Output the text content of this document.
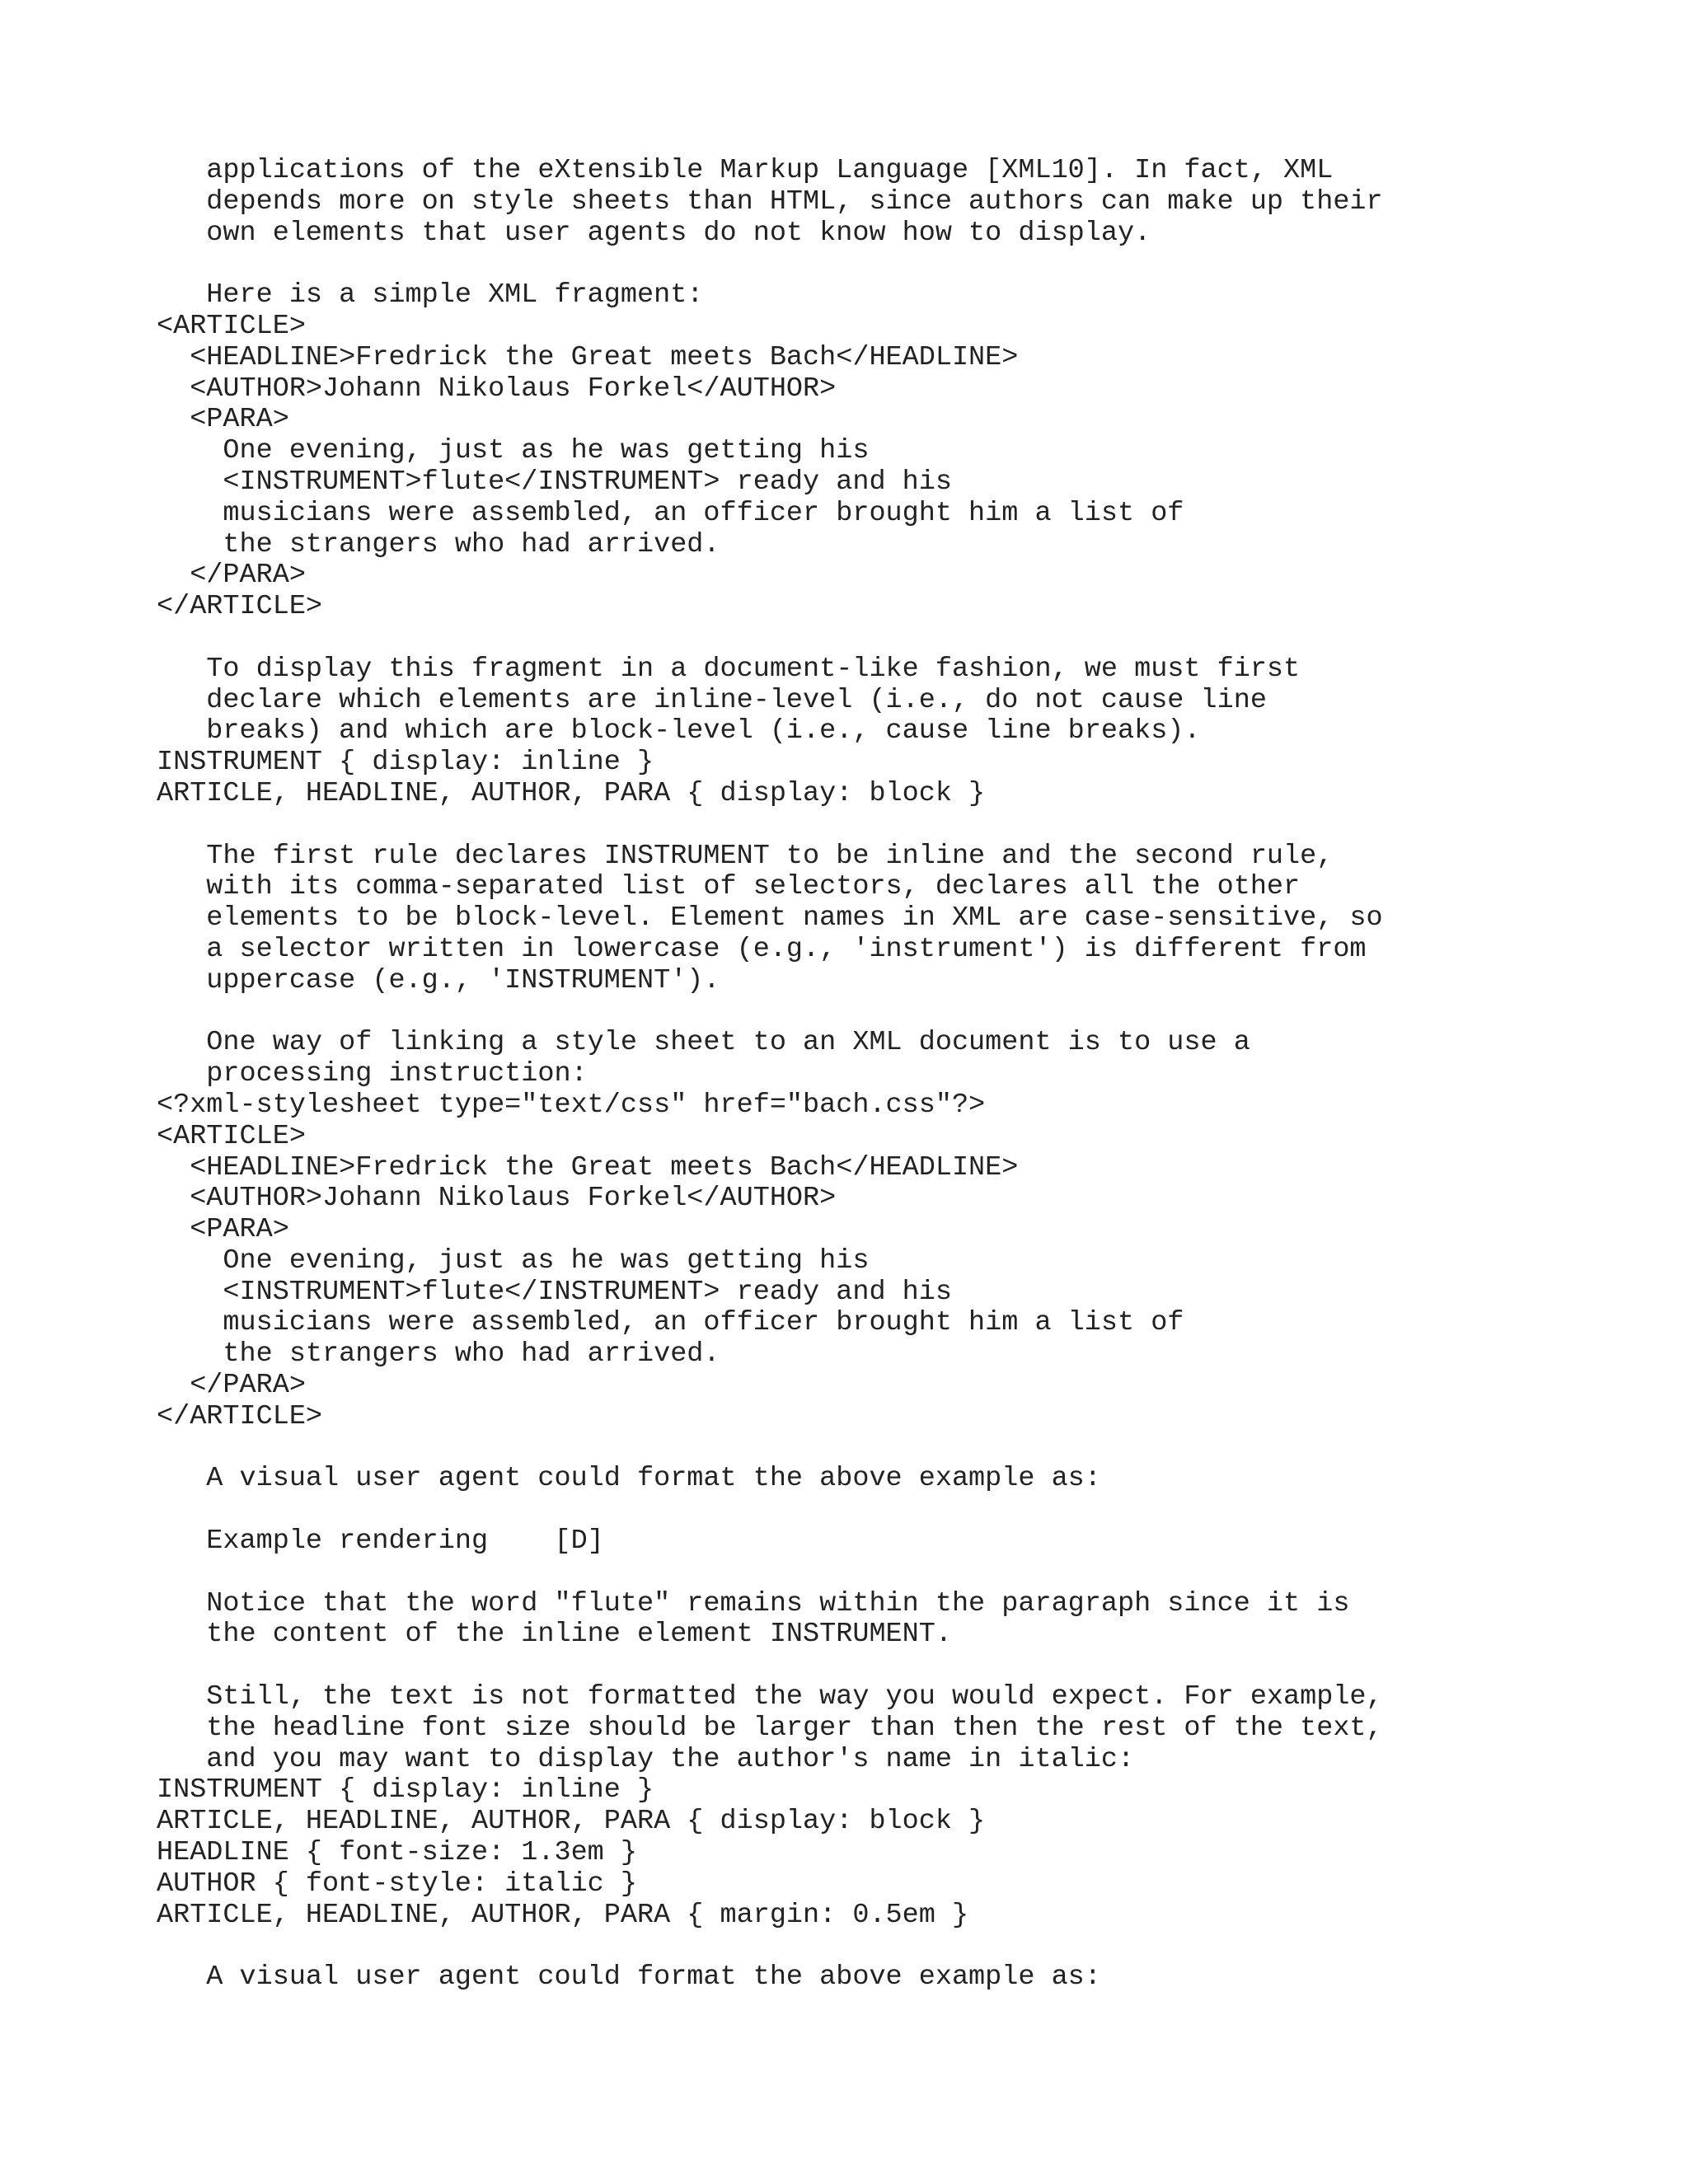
applications of the eXtensible Markup Language [XML10]. In fact, XML
depends more on style sheets than HTML, since authors can make up their
own elements that user agents do not know how to display.
Here is a simple XML fragment:
<ARTICLE>
<HEADLINE>Fredrick the Great meets Bach</HEADLINE>
<AUTHOR>Johann Nikolaus Forkel</AUTHOR>
<PARA>
One evening, just as he was getting his
<INSTRUMENT>flute</INSTRUMENT> ready and his
musicians were assembled, an officer brought him a list of
the strangers who had arrived.
</PARA>
</ARTICLE>
To display this fragment in a document-like fashion, we must first
declare which elements are inline-level (i.e., do not cause line
breaks) and which are block-level (i.e., cause line breaks).
INSTRUMENT { display: inline }
ARTICLE, HEADLINE, AUTHOR, PARA { display: block }
The first rule declares INSTRUMENT to be inline and the second rule,
with its comma-separated list of selectors, declares all the other
elements to be block-level. Element names in XML are case-sensitive, so
a selector written in lowercase (e.g., 'instrument') is different from
uppercase (e.g., 'INSTRUMENT').
One way of linking a style sheet to an XML document is to use a
processing instruction:
<?xml-stylesheet type="text/css" href="bach.css"?>
<ARTICLE>
<HEADLINE>Fredrick the Great meets Bach</HEADLINE>
<AUTHOR>Johann Nikolaus Forkel</AUTHOR>
<PARA>
One evening, just as he was getting his
<INSTRUMENT>flute</INSTRUMENT> ready and his
musicians were assembled, an officer brought him a list of
the strangers who had arrived.
</PARA>
</ARTICLE>
A visual user agent could format the above example as:
Example rendering    [D]
Notice that the word "flute" remains within the paragraph since it is
the content of the inline element INSTRUMENT.
Still, the text is not formatted the way you would expect. For example,
the headline font size should be larger than then the rest of the text,
and you may want to display the author's name in italic:
INSTRUMENT { display: inline }
ARTICLE, HEADLINE, AUTHOR, PARA { display: block }
HEADLINE { font-size: 1.3em }
AUTHOR { font-style: italic }
ARTICLE, HEADLINE, AUTHOR, PARA { margin: 0.5em }
A visual user agent could format the above example as:
